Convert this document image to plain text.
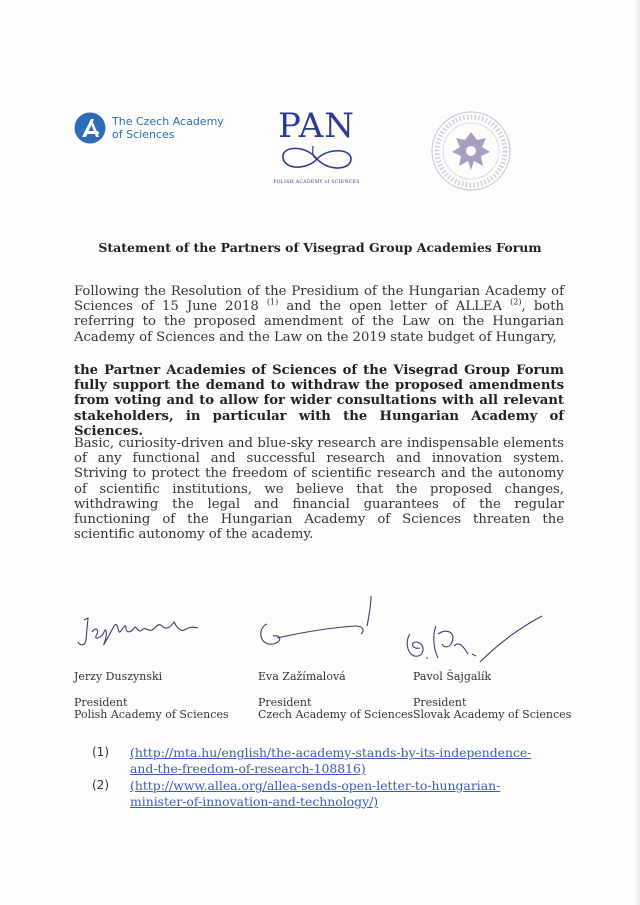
The Czech Academy
of Sciences	PAN
POLISH ACADEMY of SCIENCES
Statement of the Partners of Visegrad Group Academies Forum
Following the Resolution of the Presidium of the Hungarian Academy of Sciences of 15 June 2018 $^{(1)}$ and the open letter of ALLEA $^{(2)}$, both referring to the proposed amendment of the Law on the Hungarian Academy of Sciences and the Law on the 2019 state budget of Hungary,
the Partner Academies of Sciences of the Visegrad Group Forum fully support the demand to withdraw the proposed amendments from voting and to allow for wider consultations with all relevant stakeholders, in particular with the Hungarian Academy of Sciences.
Basic, curiosity-driven and blue-sky research are indispensable elements of any functional and successful research and innovation system. Striving to protect the freedom of scientific research and the autonomy of scientific institutions, we believe that the proposed changes, withdrawing the legal and financial guarantees of the regular functioning of the Hungarian Academy of Sciences threaten the scientific autonomy of the academy.
Jerzy Duszynski
President
Polish Academy of Sciences
Eva Zažímalová
President
Czech Academy of Sciences
Pavol Šajgalík
President
Slovak Academy of Sciences
(1)	(http://mta.hu/english/the-academy-stands-by-its-independence-
and-the-freedom-of-research-108816)
(2)	(http://www.allea.org/allea-sends-open-letter-to-hungarian-
minister-of-innovation-and-technology/)
